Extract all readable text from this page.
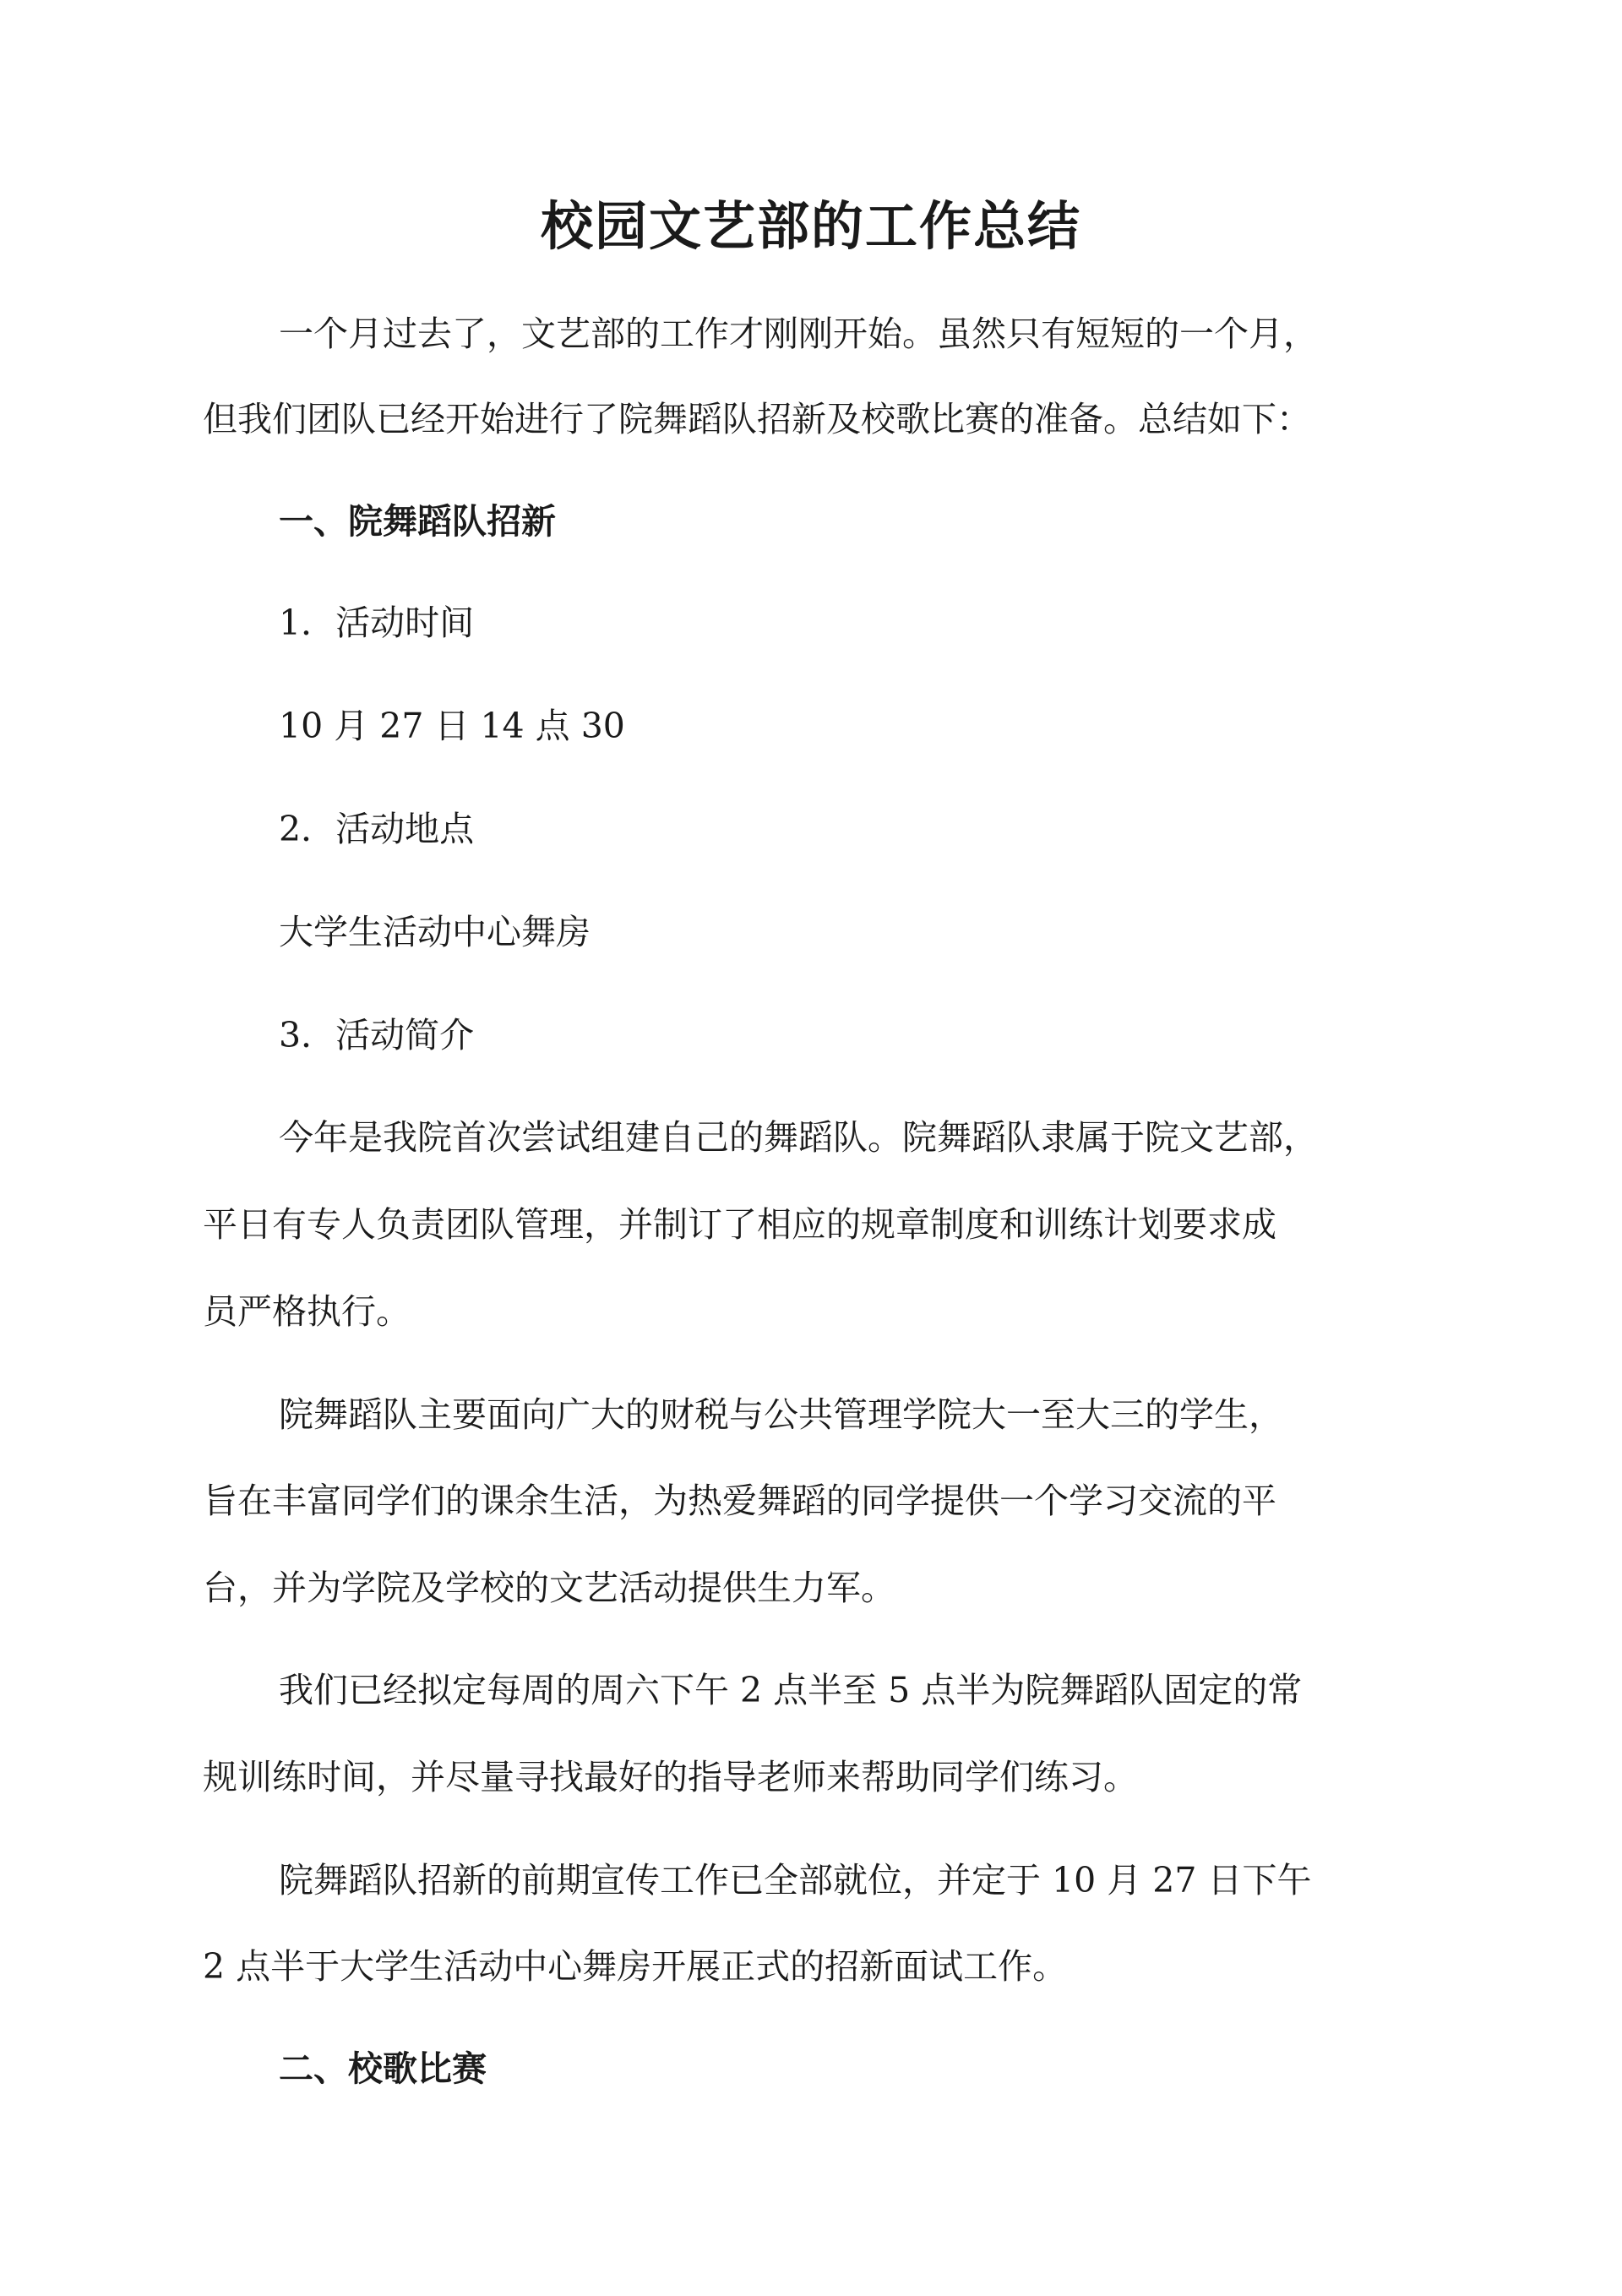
校园文艺部的工作总结

一个月过去了，文艺部的工作才刚刚开始。虽然只有短短的一个月，

但我们团队已经开始进行了院舞蹈队招新及校歌比赛的准备。总结如下：

一、院舞蹈队招新

1．活动时间

10 月 27 日 14 点 30

2．活动地点

大学生活动中心舞房

3．活动简介

今年是我院首次尝试组建自己的舞蹈队。院舞蹈队隶属于院文艺部，

平日有专人负责团队管理，并制订了相应的规章制度和训练计划要求成

员严格执行。

院舞蹈队主要面向广大的财税与公共管理学院大一至大三的学生，

旨在丰富同学们的课余生活，为热爱舞蹈的同学提供一个学习交流的平

台，并为学院及学校的文艺活动提供生力军。

我们已经拟定每周的周六下午 2 点半至 5 点半为院舞蹈队固定的常

规训练时间，并尽量寻找最好的指导老师来帮助同学们练习。

院舞蹈队招新的前期宣传工作已全部就位，并定于 10 月 27 日下午

2 点半于大学生活动中心舞房开展正式的招新面试工作。

二、校歌比赛
